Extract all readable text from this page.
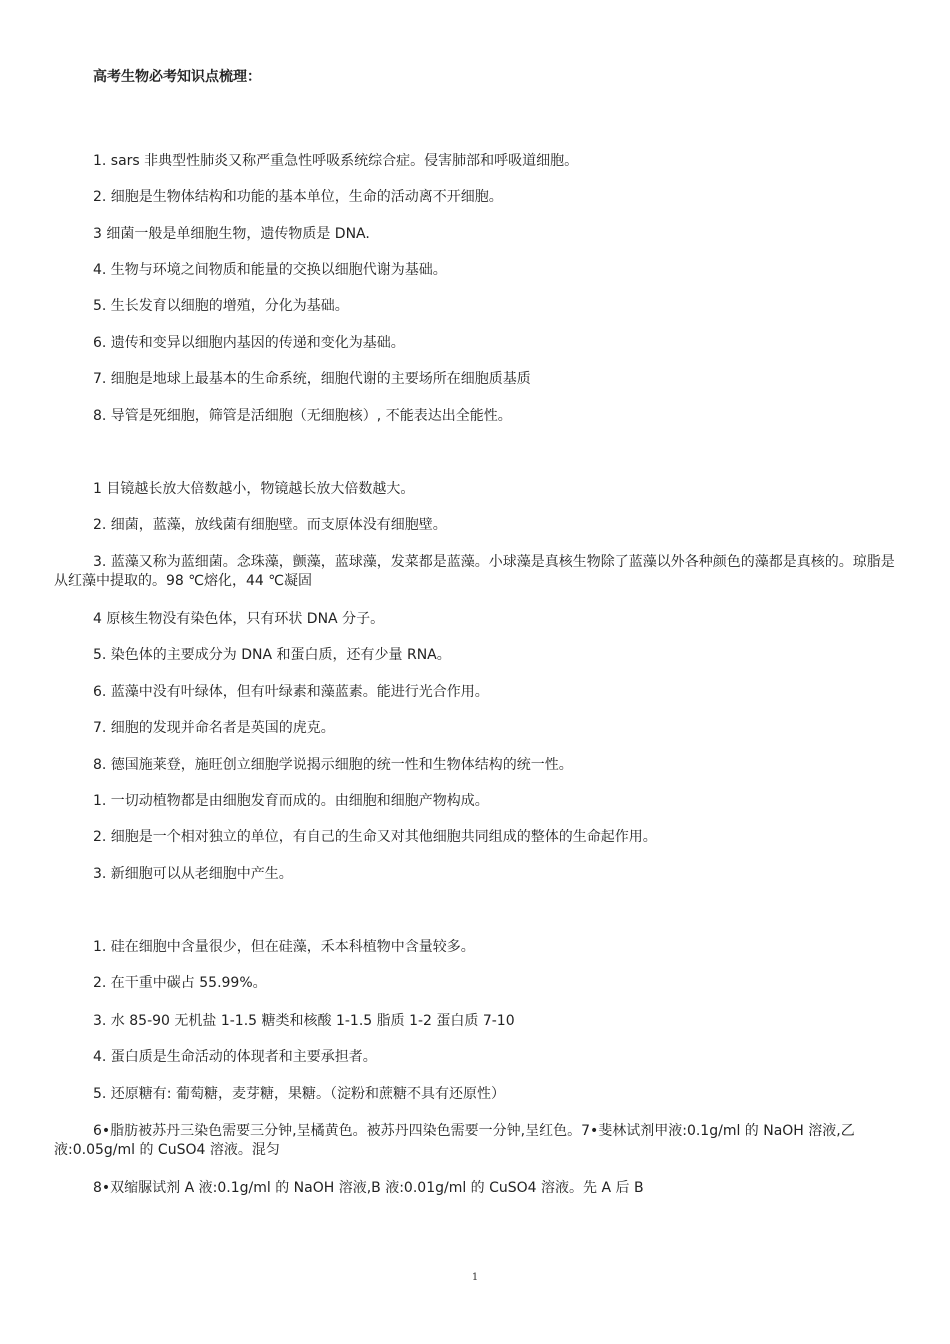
高考生物必考知识点梳理：

1. sars 非典型性肺炎又称严重急性呼吸系统综合症。侵害肺部和呼吸道细胞。

2. 细胞是生物体结构和功能的基本单位，生命的活动离不开细胞。

3 细菌一般是单细胞生物，遗传物质是 DNA.

4. 生物与环境之间物质和能量的交换以细胞代谢为基础。

5. 生长发育以细胞的增殖，分化为基础。

6. 遗传和变异以细胞内基因的传递和变化为基础。

7. 细胞是地球上最基本的生命系统，细胞代谢的主要场所在细胞质基质

8. 导管是死细胞，筛管是活细胞（无细胞核）, 不能表达出全能性。

1 目镜越长放大倍数越小，物镜越长放大倍数越大。

2. 细菌，蓝藻，放线菌有细胞壁。而支原体没有细胞壁。

3. 蓝藻又称为蓝细菌。念珠藻，颤藻，蓝球藻，发菜都是蓝藻。小球藻是真核生物除了蓝藻以外各种颜色的藻都是真核的。琼脂是从红藻中提取的。98 ℃熔化，44 ℃凝固

4 原核生物没有染色体，只有环状 DNA 分子。

5. 染色体的主要成分为 DNA 和蛋白质，还有少量 RNA。

6. 蓝藻中没有叶绿体，但有叶绿素和藻蓝素。能进行光合作用。

7. 细胞的发现并命名者是英国的虎克。

8. 德国施莱登，施旺创立细胞学说揭示细胞的统一性和生物体结构的统一性。

1. 一切动植物都是由细胞发育而成的。由细胞和细胞产物构成。

2. 细胞是一个相对独立的单位，有自己的生命又对其他细胞共同组成的整体的生命起作用。

3. 新细胞可以从老细胞中产生。

1. 硅在细胞中含量很少，但在硅藻，禾本科植物中含量较多。

2. 在干重中碳占 55.99%。

3. 水 85-90 无机盐 1-1.5 糖类和核酸 1-1.5 脂质 1-2 蛋白质 7-10

4. 蛋白质是生命活动的体现者和主要承担者。

5. 还原糖有: 葡萄糖，麦芽糖，果糖。（淀粉和蔗糖不具有还原性）

6•脂肪被苏丹三染色需要三分钟,呈橘黄色。被苏丹四染色需要一分钟,呈红色。7•斐林试剂甲液:0.1g/ml 的 NaOH 溶液,乙液:0.05g/ml 的 CuSO4 溶液。混匀

8•双缩脲试剂 A 液:0.1g/ml 的 NaOH 溶液,B 液:0.01g/ml 的 CuSO4 溶液。先 A 后 B

1
